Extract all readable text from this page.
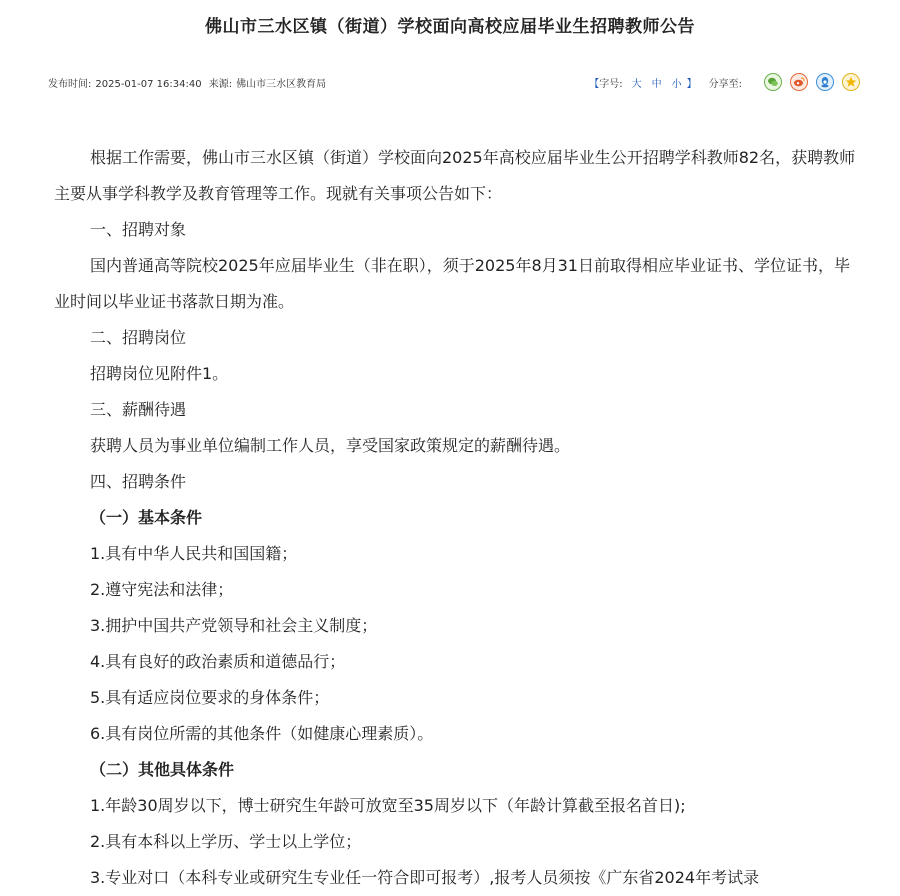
佛山市三水区镇（街道）学校面向高校应届毕业生招聘教师公告
发布时间: 2025-01-07 16:34:40 来源: 佛山市三水区教育局	【字号: 大 中 小 】 分享至:

根据工作需要，佛山市三水区镇（街道）学校面向2025年高校应届毕业生公开招聘学科教师82名，获聘教师主要从事学科教学及教育管理等工作。现就有关事项公告如下：

一、招聘对象

国内普通高等院校2025年应届毕业生（非在职），须于2025年8月31日前取得相应毕业证书、学位证书，毕业时间以毕业证书落款日期为准。

二、招聘岗位

招聘岗位见附件1。

三、薪酬待遇

获聘人员为事业单位编制工作人员，享受国家政策规定的薪酬待遇。

四、招聘条件

（一）基本条件

1.具有中华人民共和国国籍；

2.遵守宪法和法律；

3.拥护中国共产党领导和社会主义制度；

4.具有良好的政治素质和道德品行；

5.具有适应岗位要求的身体条件；

6.具有岗位所需的其他条件（如健康心理素质）。

（二）其他具体条件

1.年龄30周岁以下，博士研究生年龄可放宽至35周岁以下（年龄计算截至报名首日);

2.具有本科以上学历、学士以上学位；

3.专业对口（本科专业或研究生专业任一符合即可报考）,报考人员须按《广东省2024年考试录
